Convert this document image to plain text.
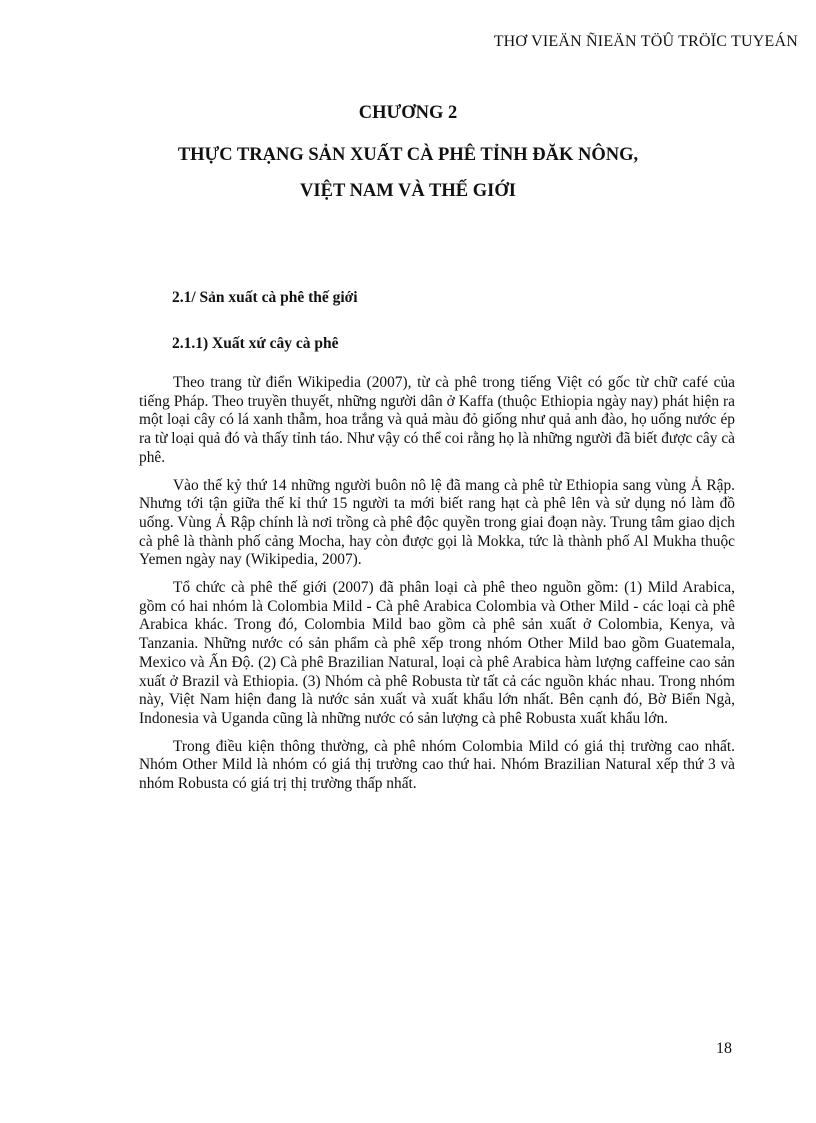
THƠ VIEÄN ÑIEÄN TÖÛ TRÖÏC TUYEÁN
CHƯƠNG 2
THỰC TRẠNG SẢN XUẤT CÀ PHÊ TỈNH ĐĂK NÔNG,
VIỆT NAM VÀ THẾ GIỚI
2.1/ Sản xuất cà phê thế giới
2.1.1) Xuất xứ cây cà phê

Theo trang từ điển Wikipedia (2007), từ cà phê trong tiếng Việt có gốc từ chữ café của tiếng Pháp. Theo truyền thuyết, những người dân ở Kaffa (thuộc Ethiopia ngày nay) phát hiện ra một loại cây có lá xanh thẫm, hoa trắng và quả màu đỏ giống như quả anh đào, họ uống nước ép ra từ loại quả đó và thấy tỉnh táo. Như vậy có thể coi rằng họ là những người đã biết được cây cà phê.

Vào thế kỷ thứ 14 những người buôn nô lệ đã mang cà phê từ Ethiopia sang vùng Ả Rập. Nhưng tới tận giữa thế kỉ thứ 15 người ta mới biết rang hạt cà phê lên và sử dụng nó làm đồ uống. Vùng Ả Rập chính là nơi trồng cà phê độc quyền trong giai đoạn này. Trung tâm giao dịch cà phê là thành phố cảng Mocha, hay còn được gọi là Mokka, tức là thành phố Al Mukha thuộc Yemen ngày nay (Wikipedia, 2007).

Tổ chức cà phê thế giới (2007) đã phân loại cà phê theo nguồn gồm: (1) Mild Arabica, gồm có hai nhóm là Colombia Mild - Cà phê Arabica Colombia và Other Mild - các loại cà phê Arabica khác. Trong đó, Colombia Mild bao gồm cà phê sản xuất ở Colombia, Kenya, và Tanzania. Những nước có sản phẩm cà phê xếp trong nhóm Other Mild bao gồm Guatemala, Mexico và Ấn Độ. (2) Cà phê Brazilian Natural, loại cà phê Arabica hàm lượng caffeine cao sản xuất ở Brazil và Ethiopia. (3) Nhóm cà phê Robusta từ tất cả các nguồn khác nhau. Trong nhóm này, Việt Nam hiện đang là nước sản xuất và xuất khẩu lớn nhất. Bên cạnh đó, Bờ Biển Ngà, Indonesia và Uganda cũng là những nước có sản lượng cà phê Robusta xuất khẩu lớn.

Trong điều kiện thông thường, cà phê nhóm Colombia Mild có giá thị trường cao nhất. Nhóm Other Mild là nhóm có giá thị trường cao thứ hai. Nhóm Brazilian Natural xếp thứ 3 và nhóm Robusta có giá trị thị trường thấp nhất.

18
